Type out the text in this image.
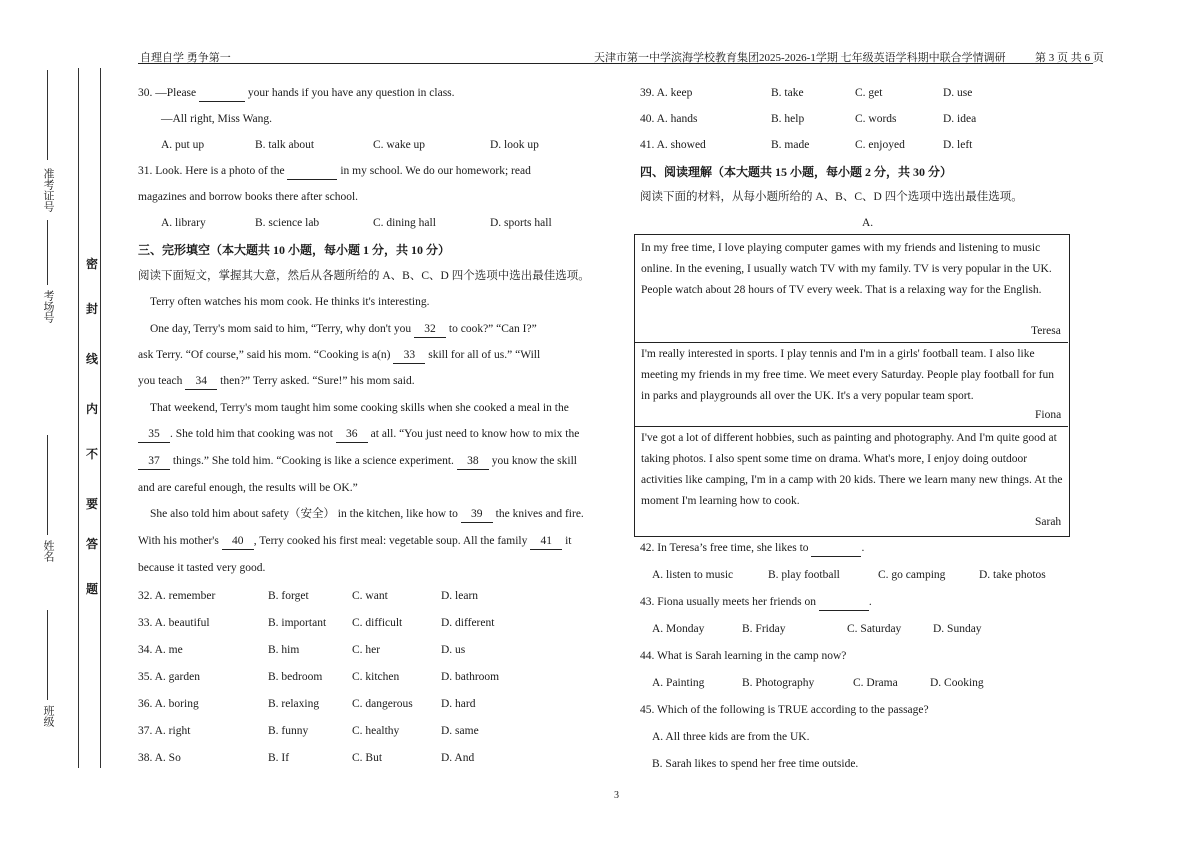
自理自学 勇争第一	天津市第一中学滨海学校教育集团2025-2026-1学期 七年级英语学科期中联合学情调研	第 3 页 共 6 页
准考证号
考场号
姓名
班级
密
封
线
内
不
要
答
题
30. —Please	your hands if you have any question in class.
—All right, Miss Wang.
A. put up	B. talk about	C. wake up	D. look up
31. Look. Here is a photo of the	in my school. We do our homework; read
magazines and borrow books there after school.
A. library	B. science lab	C. dining hall	D. sports hall
三、完形填空（本大题共 10 小题，每小题 1 分，共 10 分）
阅读下面短文，掌握其大意，然后从各题所给的 A、B、C、D 四个选项中选出最佳选项。
Terry often watches his mom cook. He thinks it's interesting.
One day, Terry's mom said to him, “Terry, why don't you 32 to cook?” “Can I?”
ask Terry. “Of course,” said his mom. “Cooking is a(n) 33 skill for all of us.” “Will
you teach 34 then?” Terry asked. “Sure!” his mom said.
That weekend, Terry's mom taught him some cooking skills when she cooked a meal in the
35 . She told him that cooking was not 36 at all. “You just need to know how to mix the
37 things.” She told him. “Cooking is like a science experiment. 38 you know the skill
and are careful enough, the results will be OK.”
She also told him about safety（安全） in the kitchen, like how to 39 the knives and fire.
With his mother's 40 , Terry cooked his first meal: vegetable soup. All the family 41 it
because it tasted very good.
32. A. remember	B. forget	C. want	D. learn
33. A. beautiful	B. important C. difficult	D. different
34. A. me	B. him	C. her	D. us
35. A. garden	B. bedroom	C. kitchen	D. bathroom
36. A. boring	B. relaxing	C. dangerous D. hard
37. A. right	B. funny	C. healthy	D. same
38. A. So	B. If	C. But	D. And
39. A. keep	B. take	C. get	D. use
40. A. hands	B. help	C. words	D. idea
41. A. showed	B. made	C. enjoyed	D. left
四、阅读理解（本大题共 15 小题，每小题 2 分，共 30 分）
阅读下面的材料，从每小题所给的 A、B、C、D 四个选项中选出最佳选项。
A.
In my free time, I love playing computer games with my friends and listening to music online. In the evening, I usually watch TV with my family. TV is very popular in the UK. People watch about 28 hours of TV every week. That is a relaxing way for the English.
Teresa
I'm really interested in sports. I play tennis and I'm in a girls' football team. I also like meeting my friends in my free time. We meet every Saturday. People play football for fun in parks and playgrounds all over the UK. It's a very popular team sport.
Fiona
I've got a lot of different hobbies, such as painting and photography. And I'm quite good at taking photos. I also spent some time on drama. What's more, I enjoy doing outdoor activities like camping, I'm in a camp with 20 kids. There we learn many new things. At the moment I'm learning how to cook.
Sarah
42. In Teresa’s free time, she likes to	.
A. listen to music	B. play football	C. go camping	D. take photos
43. Fiona usually meets her friends on	.
A. Monday	B. Friday	C. Saturday	D. Sunday
44. What is Sarah learning in the camp now?
A. Painting	B. Photography	C. Drama	D. Cooking
45. Which of the following is TRUE according to the passage?
A. All three kids are from the UK.
B. Sarah likes to spend her free time outside.
3
